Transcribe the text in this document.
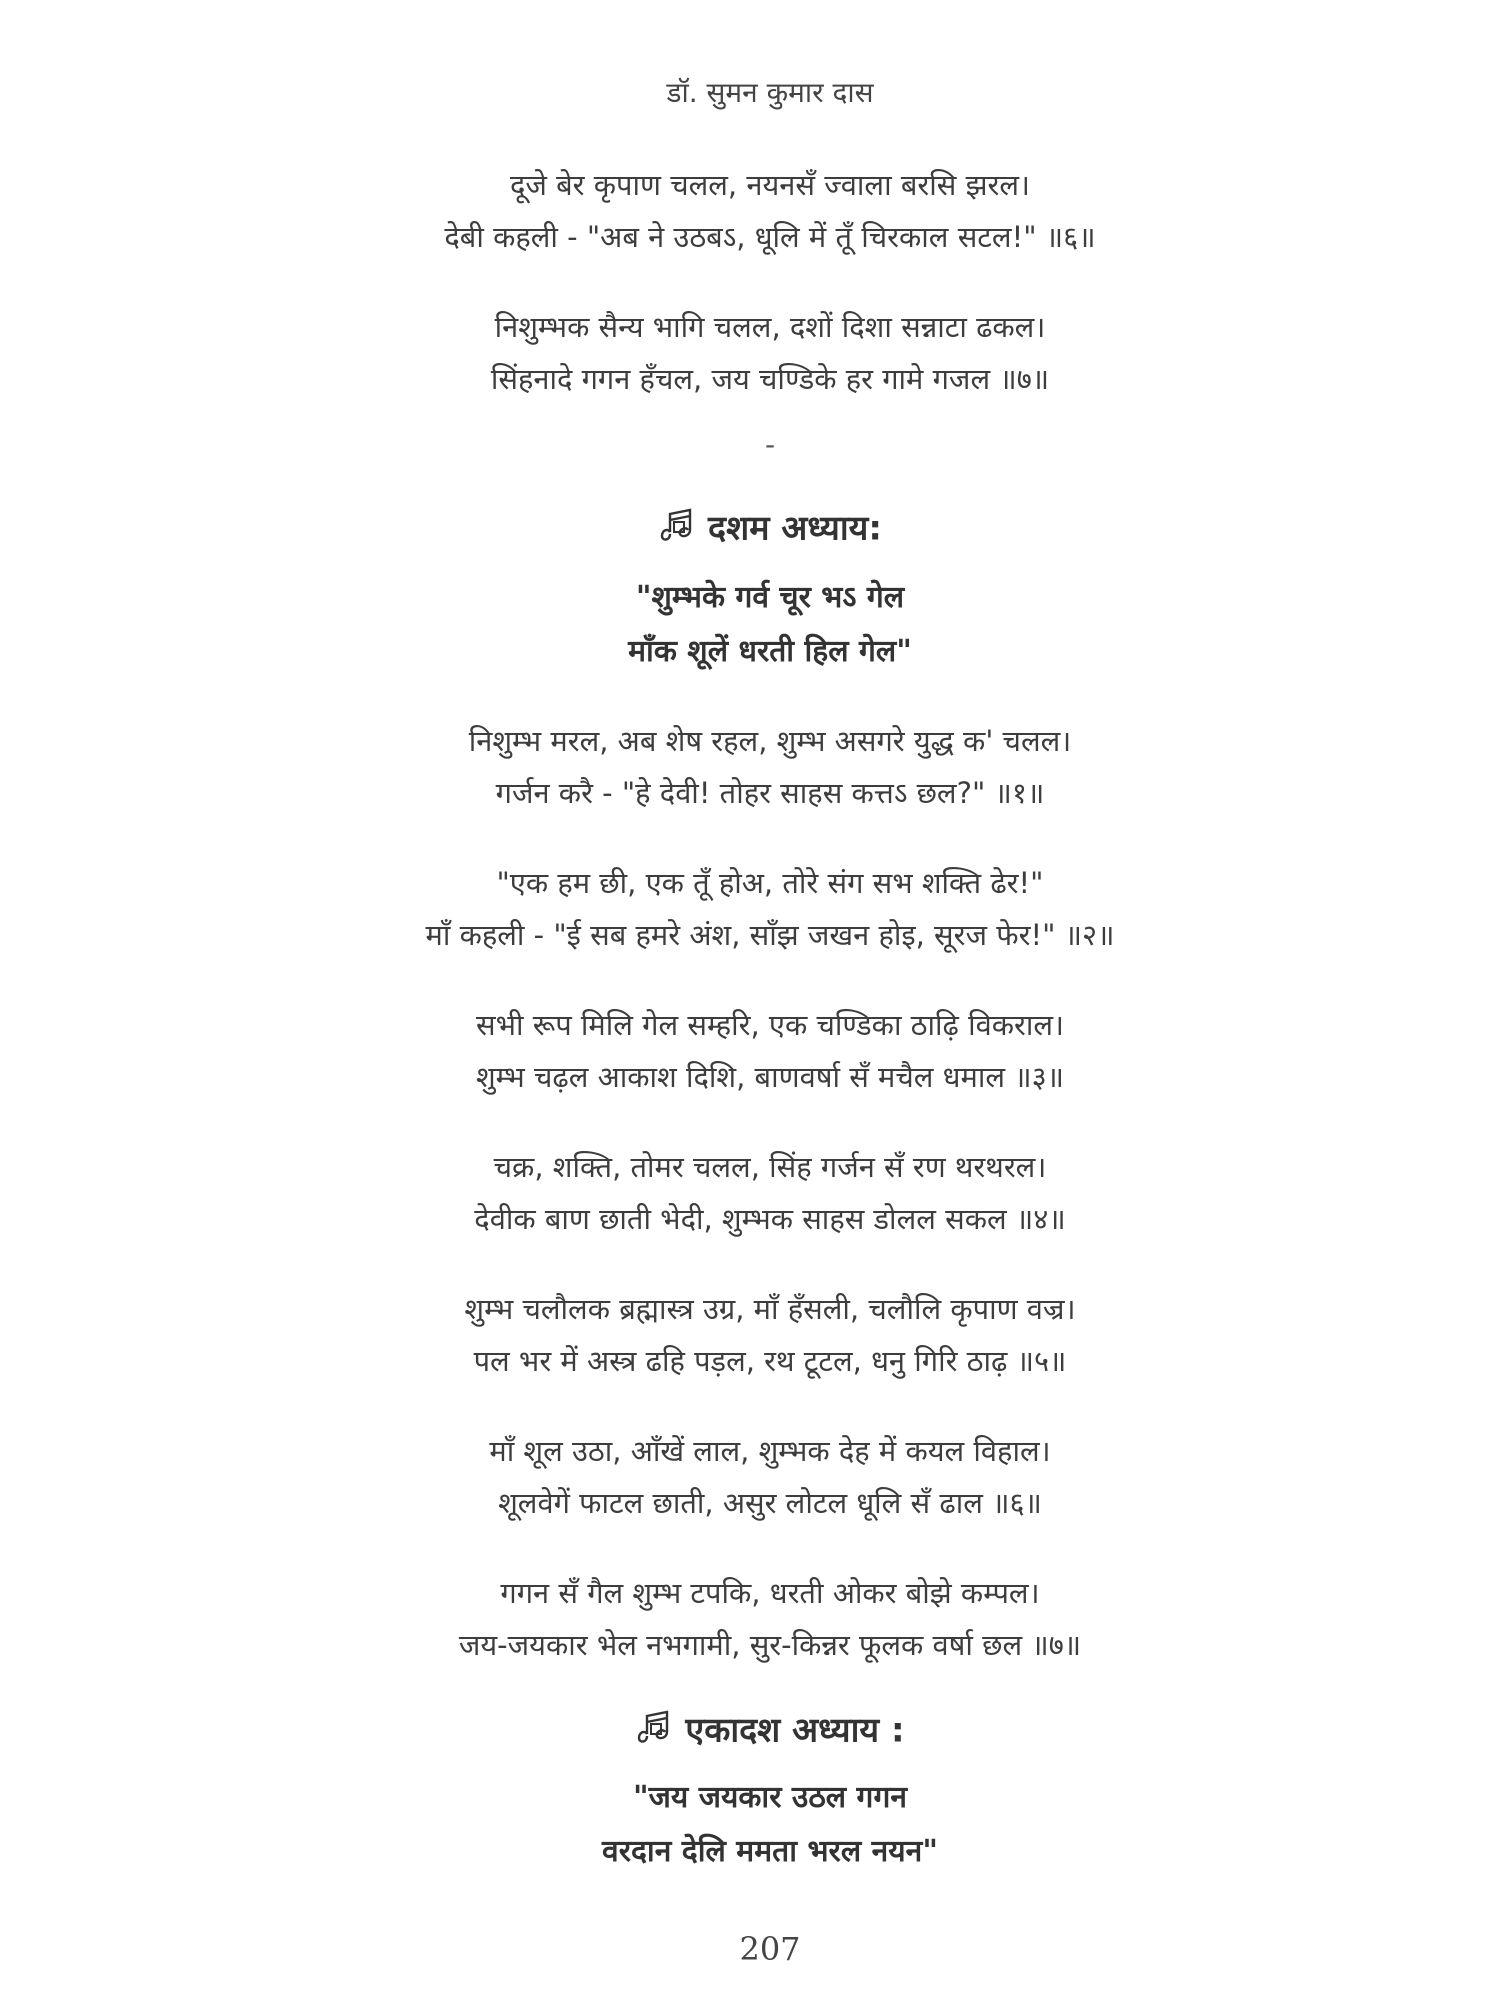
डॉ. सुमन कुमार दास
दूजे बेर कृपाण चलल, नयनसँ ज्वाला बरसि झरल।
देबी कहली - "अब ने उठबऽ, धूलि में तूँ चिरकाल सटल!" ॥६॥
निशुम्भक सैन्य भागि चलल, दशों दिशा सन्नाटा ढकल।
सिंहनादे गगन हँचल, जय चण्डिके हर गामे गजल ॥७॥
-
दशम अध्याय:
"शुम्भके गर्व चूर भऽ गेल
माँक शूलें धरती हिल गेल"
निशुम्भ मरल, अब शेष रहल, शुम्भ असगरे युद्ध क' चलल।
गर्जन करै - "हे देवी! तोहर साहस कत्तऽ छल?" ॥१॥
"एक हम छी, एक तूँ होअ, तोरे संग सभ शक्ति ढेर!"
माँ कहली - "ई सब हमरे अंश, साँझ जखन होइ, सूरज फेर!" ॥२॥
सभी रूप मिलि गेल सम्हरि, एक चण्डिका ठाढ़ि विकराल।
शुम्भ चढ़ल आकाश दिशि, बाणवर्षा सँ मचैल धमाल ॥३॥
चक्र, शक्ति, तोमर चलल, सिंह गर्जन सँ रण थरथरल।
देवीक बाण छाती भेदी, शुम्भक साहस डोलल सकल ॥४॥
शुम्भ चलौलक ब्रह्मास्त्र उग्र, माँ हँसली, चलौलि कृपाण वज्र।
पल भर में अस्त्र ढहि पड़ल, रथ टूटल, धनु गिरि ठाढ़ ॥५॥
माँ शूल उठा, आँखें लाल, शुम्भक देह में कयल विहाल।
शूलवेगें फाटल छाती, असुर लोटल धूलि सँ ढाल ॥६॥
गगन सँ गैल शुम्भ टपकि, धरती ओकर बोझे कम्पल।
जय-जयकार भेल नभगामी, सुर-किन्नर फूलक वर्षा छल ॥७॥
एकादश अध्याय :
"जय जयकार उठल गगन
वरदान देलि ममता भरल नयन"
207
